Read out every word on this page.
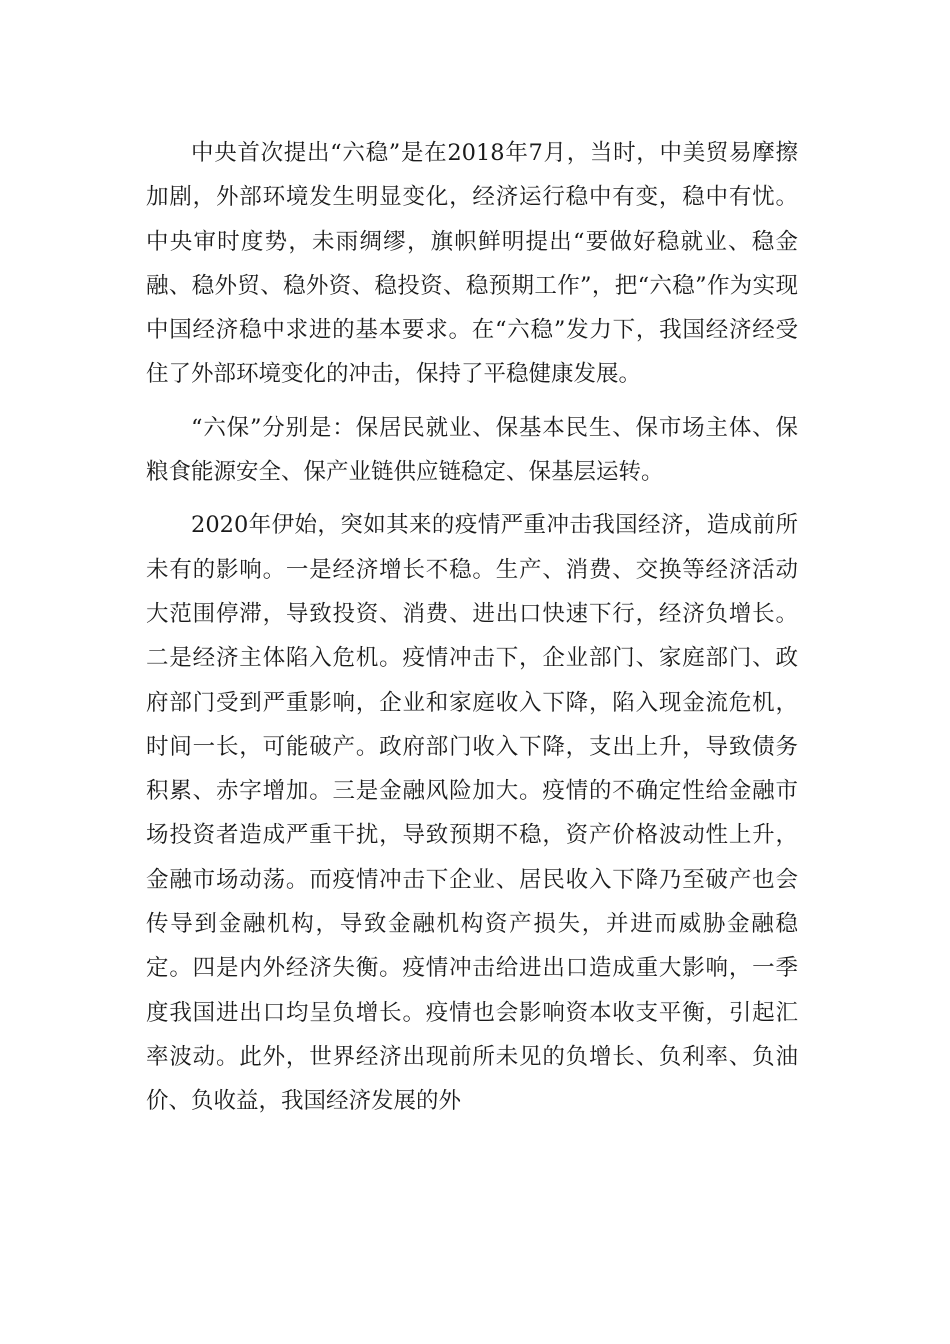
中央首次提出“六稳”是在2018年7月，当时，中美贸易摩擦加剧，外部环境发生明显变化，经济运行稳中有变，稳中有忧。中央审时度势，未雨绸缪，旗帜鲜明提出“要做好稳就业、稳金融、稳外贸、稳外资、稳投资、稳预期工作”，把“六稳”作为实现中国经济稳中求进的基本要求。在“六稳”发力下，我国经济经受住了外部环境变化的冲击，保持了平稳健康发展。

“六保”分别是：保居民就业、保基本民生、保市场主体、保粮食能源安全、保产业链供应链稳定、保基层运转。

2020年伊始，突如其来的疫情严重冲击我国经济，造成前所未有的影响。一是经济增长不稳。生产、消费、交换等经济活动大范围停滞，导致投资、消费、进出口快速下行，经济负增长。二是经济主体陷入危机。疫情冲击下，企业部门、家庭部门、政府部门受到严重影响，企业和家庭收入下降，陷入现金流危机，时间一长，可能破产。政府部门收入下降，支出上升，导致债务积累、赤字增加。三是金融风险加大。疫情的不确定性给金融市场投资者造成严重干扰，导致预期不稳，资产价格波动性上升，金融市场动荡。而疫情冲击下企业、居民收入下降乃至破产也会传导到金融机构，导致金融机构资产损失，并进而威胁金融稳定。四是内外经济失衡。疫情冲击给进出口造成重大影响，一季度我国进出口均呈负增长。疫情也会影响资本收支平衡，引起汇率波动。此外，世界经济出现前所未见的负增长、负利率、负油价、负收益，我国经济发展的外
